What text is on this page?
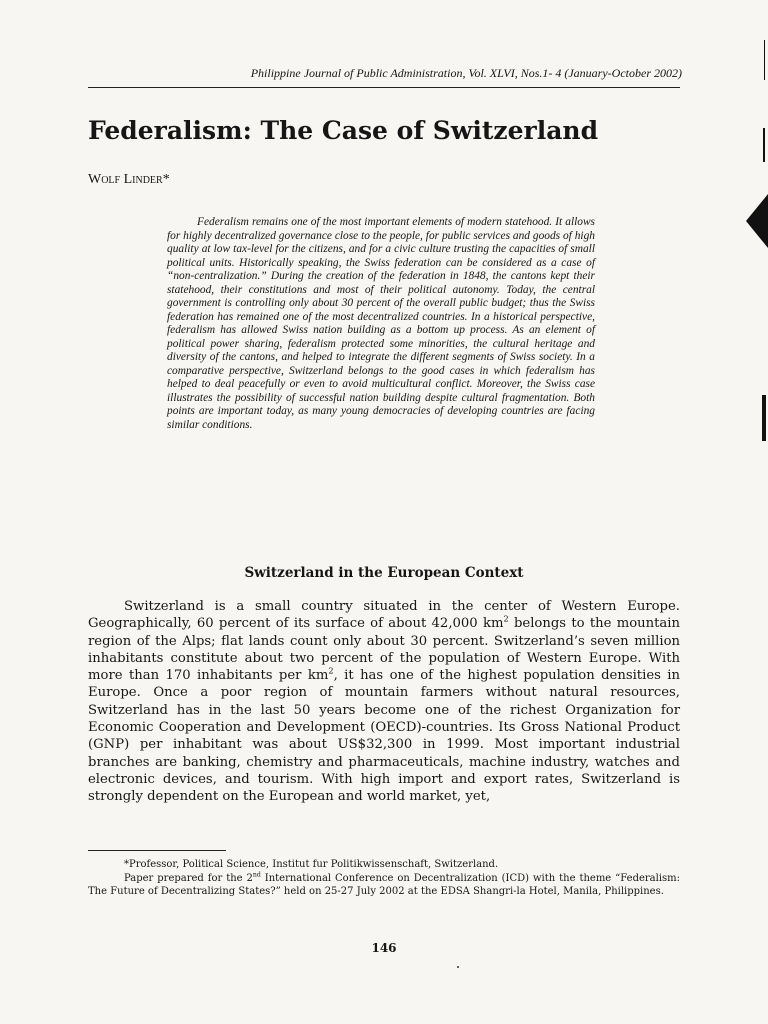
Philippine Journal of Public Administration, Vol. XLVI, Nos.1- 4 (January-October 2002)
Federalism: The Case of Switzerland
Wolf Linder*

Federalism remains one of the most important elements of modern statehood. It allows for highly decentralized governance close to the people, for public services and goods of high quality at low tax-level for the citizens, and for a civic culture trusting the capacities of small political units. Historically speaking, the Swiss federation can be considered as a case of “non-centralization.” During the creation of the federation in 1848, the cantons kept their statehood, their constitutions and most of their political autonomy. Today, the central government is controlling only about 30 percent of the overall public budget; thus the Swiss federation has remained one of the most decentralized countries. In a historical perspective, federalism has allowed Swiss nation building as a bottom up process. As an element of political power sharing, federalism protected some minorities, the cultural heritage and diversity of the cantons, and helped to integrate the different segments of Swiss society. In a comparative perspective, Switzerland belongs to the good cases in which federalism has helped to deal peacefully or even to avoid multicultural conflict. Moreover, the Swiss case illustrates the possibility of successful nation building despite cultural fragmentation. Both points are important today, as many young democracies of developing countries are facing similar conditions.

Switzerland in the European Context

Switzerland is a small country situated in the center of Western Europe. Geographically, 60 percent of its surface of about 42,000 $km^2$ belongs to the mountain region of the Alps; flat lands count only about 30 percent. Switzerland’s seven million inhabitants constitute about two percent of the population of Western Europe. With more than 170 inhabitants per $km^2$, it has one of the highest population densities in Europe. Once a poor region of mountain farmers without natural resources, Switzerland has in the last 50 years become one of the richest Organization for Economic Cooperation and Development (OECD)-countries. Its Gross National Product (GNP) per inhabitant was about US$32,300 in 1999. Most important industrial branches are banking, chemistry and pharmaceuticals, machine industry, watches and electronic devices, and tourism. With high import and export rates, Switzerland is strongly dependent on the European and world market, yet,

*Professor, Political Science, Institut fur Politikwissenschaft, Switzerland.

Paper prepared for the 2nd International Conference on Decentralization (ICD) with the theme “Federalism: The Future of Decentralizing States?” held on 25-27 July 2002 at the EDSA Shangri-la Hotel, Manila, Philippines.

146
